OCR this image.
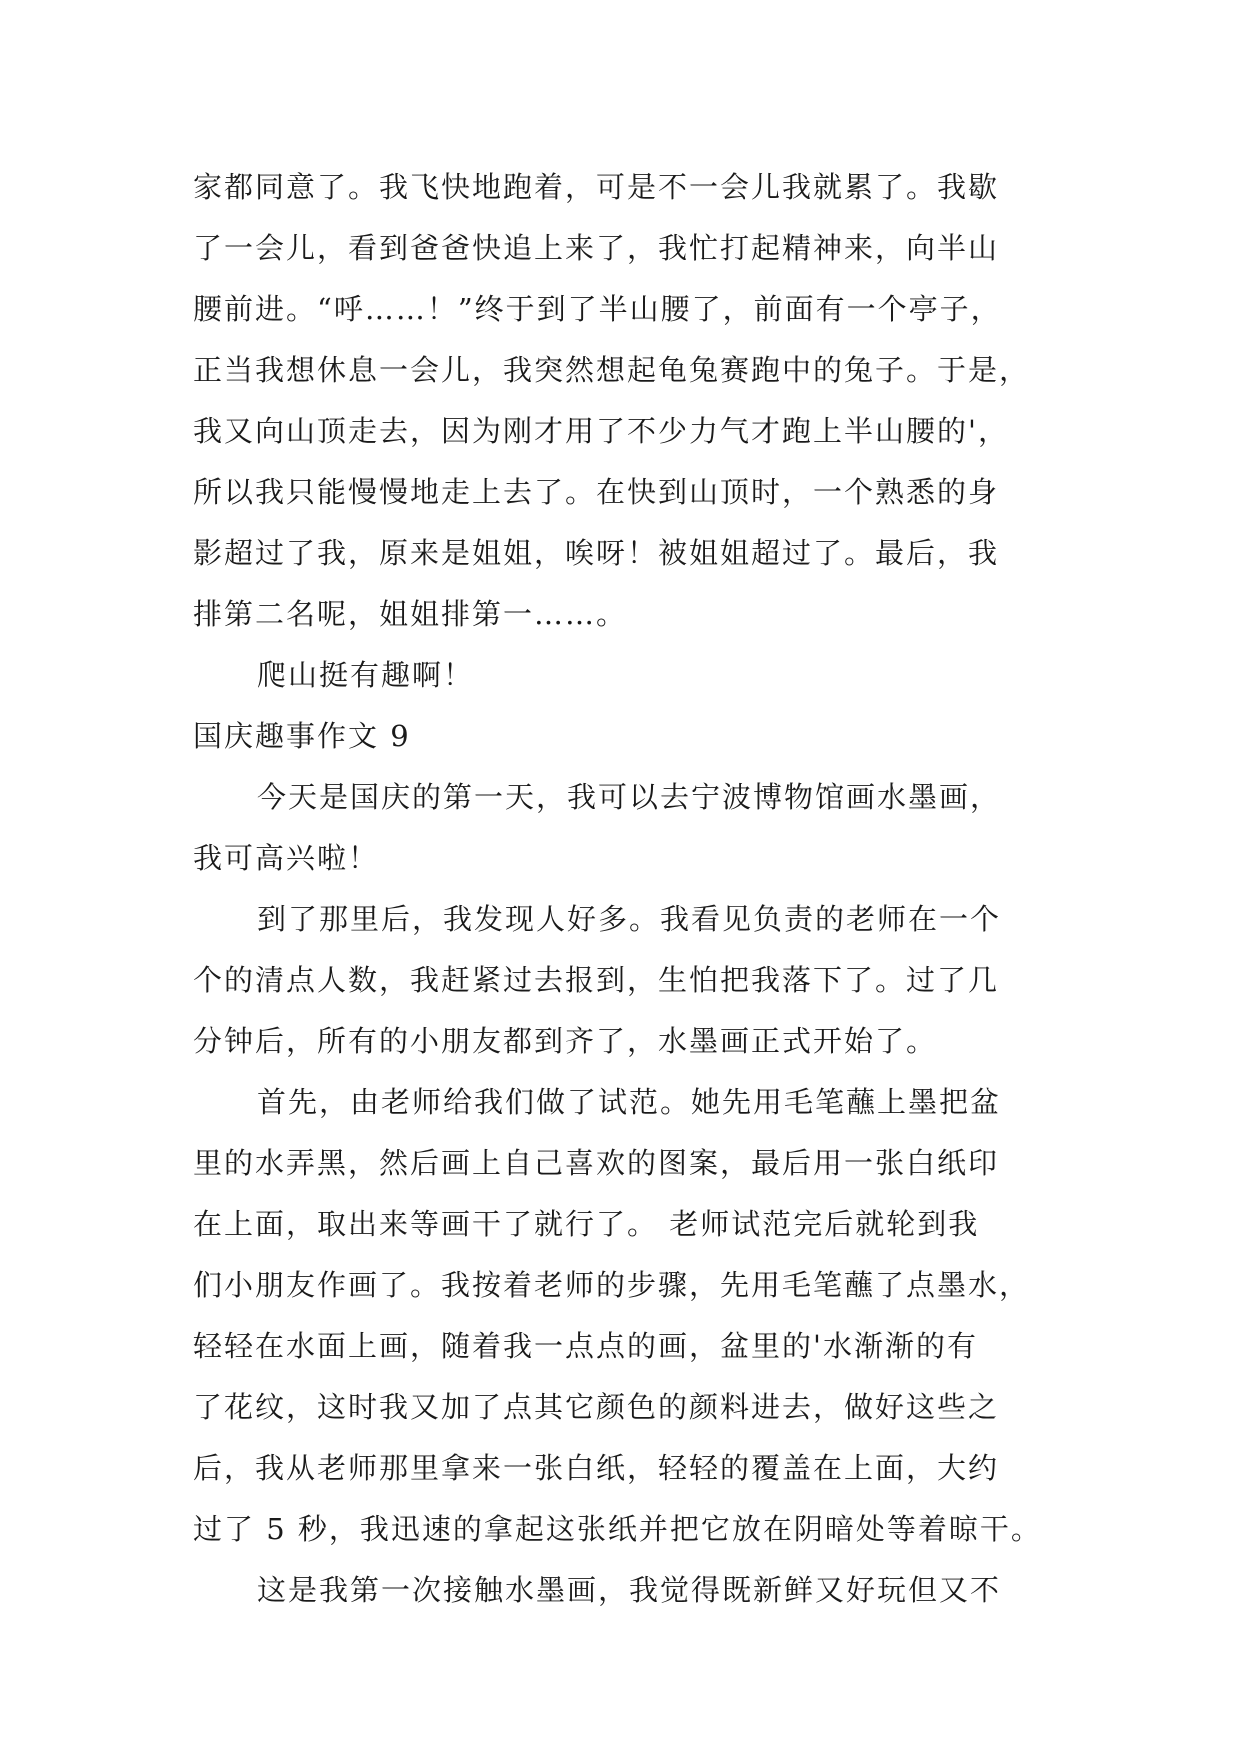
家都同意了。我飞快地跑着，可是不一会儿我就累了。我歇
了一会儿，看到爸爸快追上来了，我忙打起精神来，向半山
腰前进。“呼……！”终于到了半山腰了，前面有一个亭子，
正当我想休息一会儿，我突然想起龟兔赛跑中的兔子。于是，
我又向山顶走去，因为刚才用了不少力气才跑上半山腰的'，
所以我只能慢慢地走上去了。在快到山顶时，一个熟悉的身
影超过了我，原来是姐姐，唉呀！被姐姐超过了。最后，我
排第二名呢，姐姐排第一……。
爬山挺有趣啊！
国庆趣事作文 9
今天是国庆的第一天，我可以去宁波博物馆画水墨画，
我可高兴啦！
到了那里后，我发现人好多。我看见负责的老师在一个
个的清点人数，我赶紧过去报到，生怕把我落下了。过了几
分钟后，所有的小朋友都到齐了，水墨画正式开始了。
首先，由老师给我们做了试范。她先用毛笔蘸上墨把盆
里的水弄黑，然后画上自己喜欢的图案，最后用一张白纸印
在上面，取出来等画干了就行了。 老师试范完后就轮到我
们小朋友作画了。我按着老师的步骤，先用毛笔蘸了点墨水，
轻轻在水面上画，随着我一点点的画，盆里的'水渐渐的有
了花纹，这时我又加了点其它颜色的颜料进去，做好这些之
后，我从老师那里拿来一张白纸，轻轻的覆盖在上面，大约
过了 5 秒，我迅速的拿起这张纸并把它放在阴暗处等着晾干。
这是我第一次接触水墨画，我觉得既新鲜又好玩但又不
